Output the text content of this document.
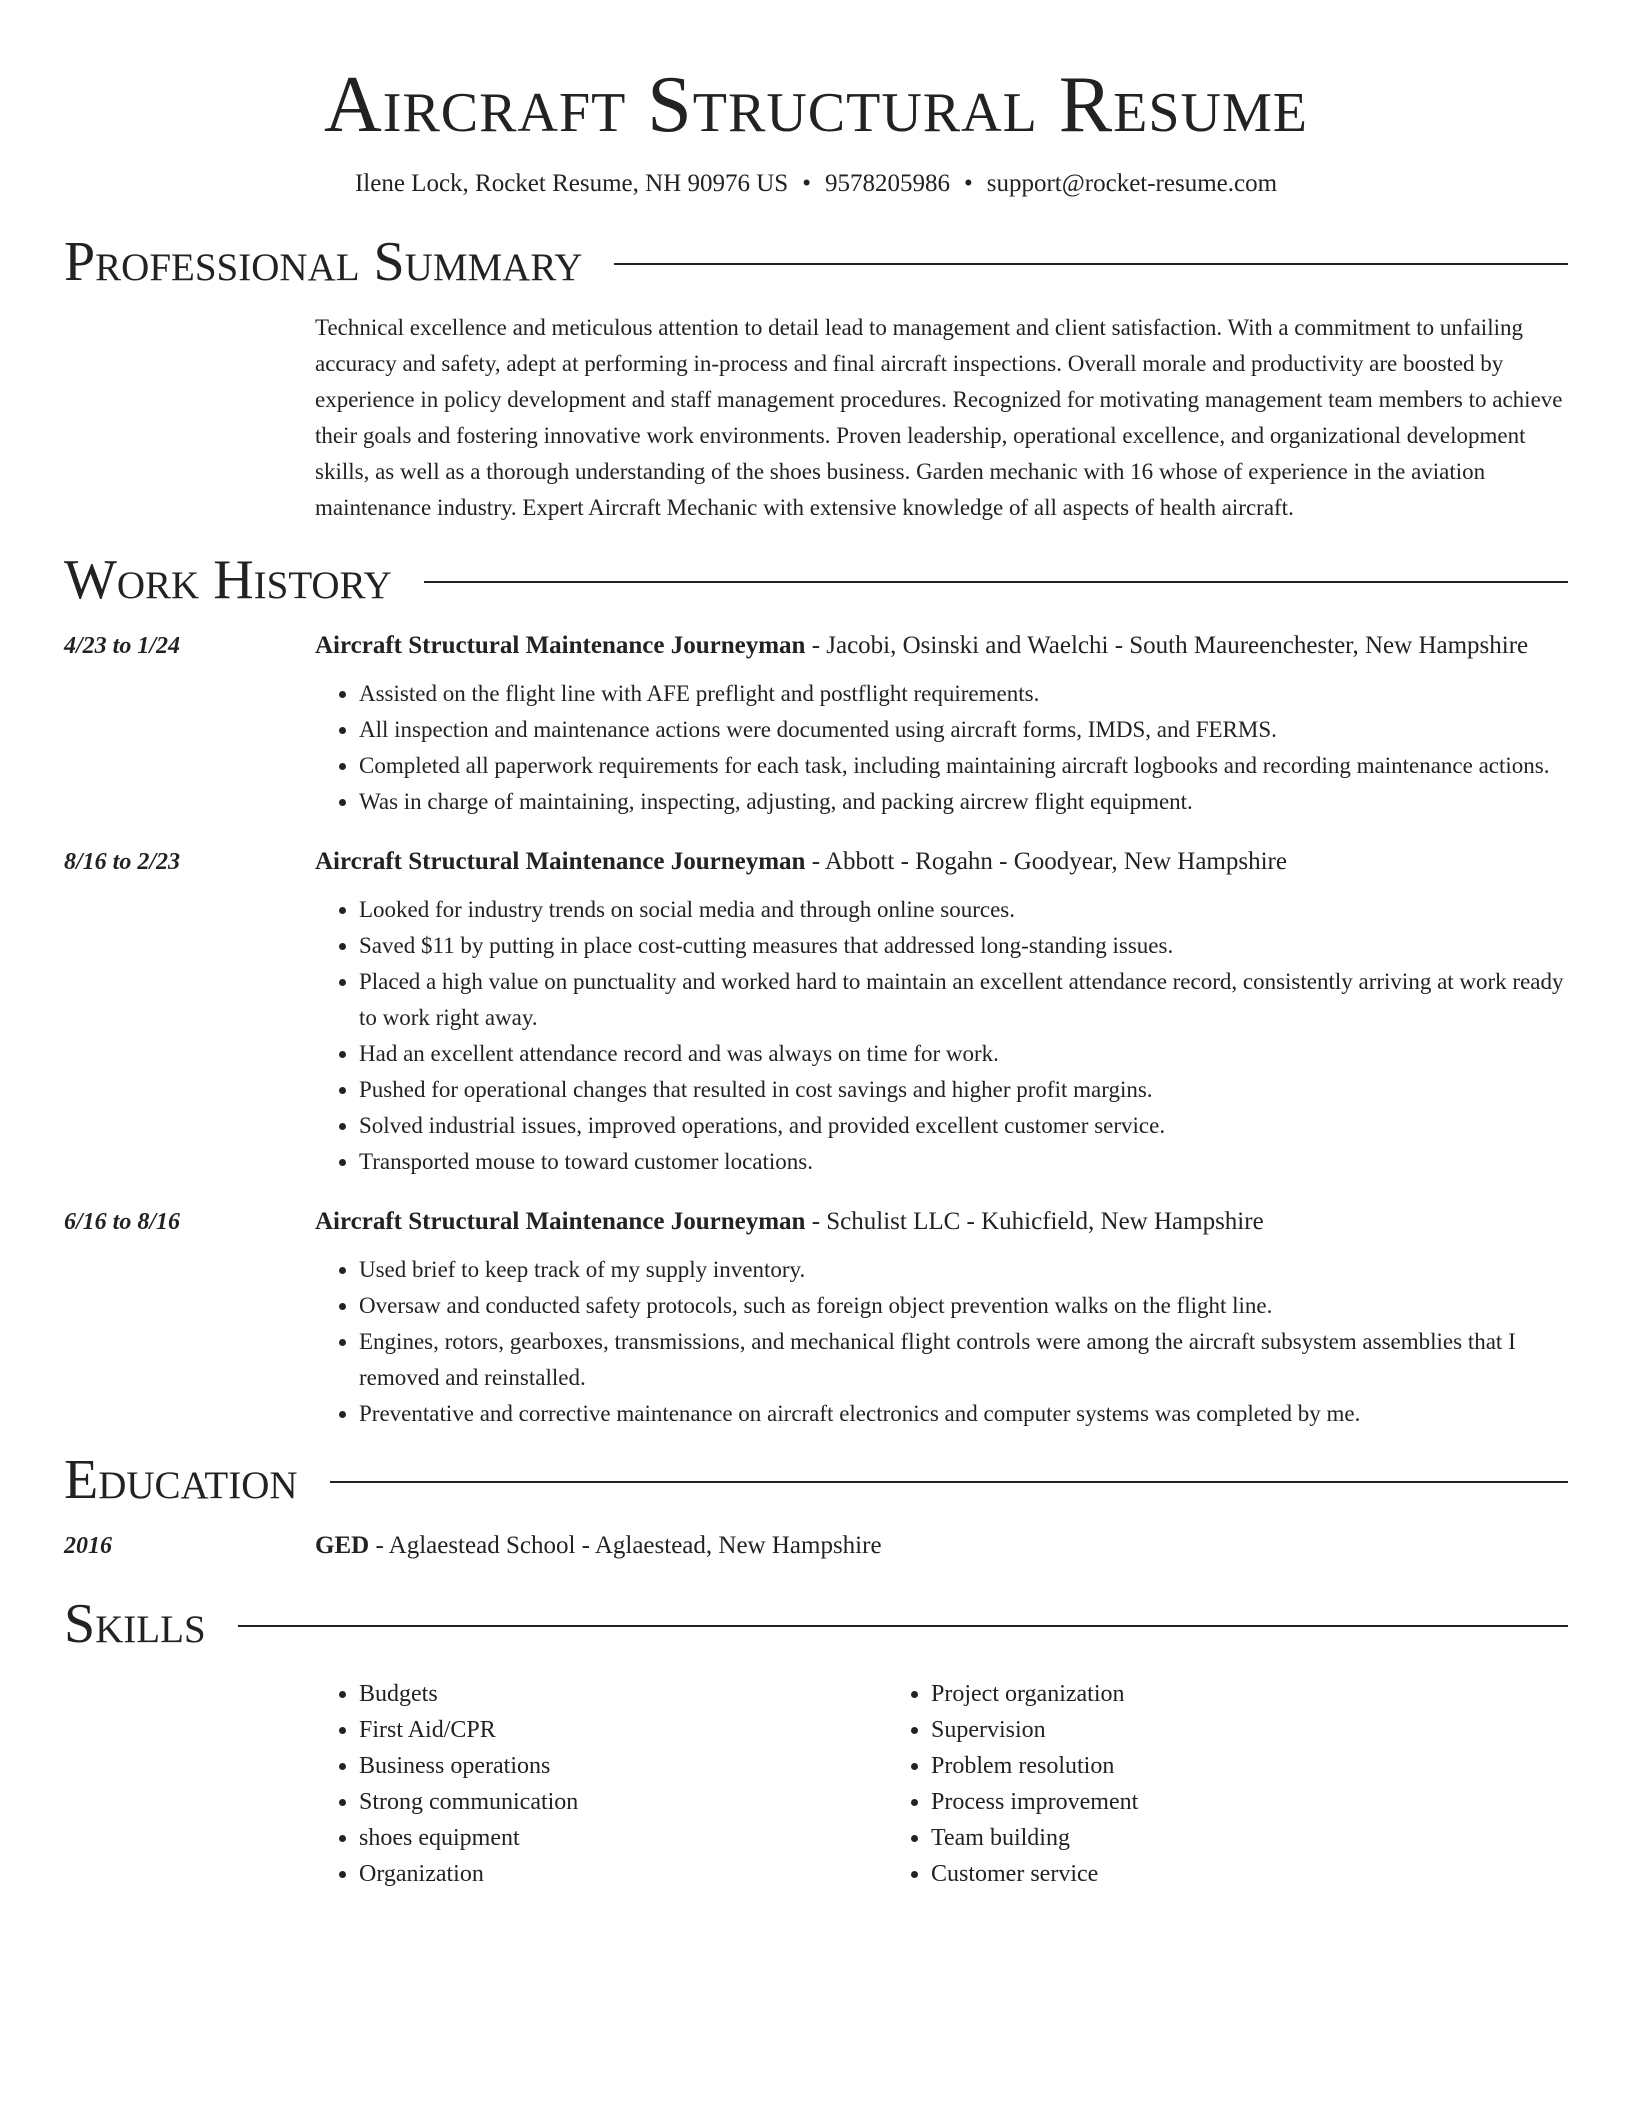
Aircraft Structural Resume
Ilene Lock, Rocket Resume, NH 90976 US • 9578205986 • support@rocket-resume.com
Professional Summary
Technical excellence and meticulous attention to detail lead to management and client satisfaction. With a commitment to unfailing accuracy and safety, adept at performing in-process and final aircraft inspections. Overall morale and productivity are boosted by experience in policy development and staff management procedures. Recognized for motivating management team members to achieve their goals and fostering innovative work environments. Proven leadership, operational excellence, and organizational development skills, as well as a thorough understanding of the shoes business. Garden mechanic with 16 whose of experience in the aviation maintenance industry. Expert Aircraft Mechanic with extensive knowledge of all aspects of health aircraft.
Work History
4/23 to 1/24	Aircraft Structural Maintenance Journeyman - Jacobi, Osinski and Waelchi - South Maureenchester, New Hampshire
• Assisted on the flight line with AFE preflight and postflight requirements.
• All inspection and maintenance actions were documented using aircraft forms, IMDS, and FERMS.
• Completed all paperwork requirements for each task, including maintaining aircraft logbooks and recording maintenance actions.
• Was in charge of maintaining, inspecting, adjusting, and packing aircrew flight equipment.
8/16 to 2/23	Aircraft Structural Maintenance Journeyman - Abbott - Rogahn - Goodyear, New Hampshire
• Looked for industry trends on social media and through online sources.
• Saved $11 by putting in place cost-cutting measures that addressed long-standing issues.
• Placed a high value on punctuality and worked hard to maintain an excellent attendance record, consistently arriving at work ready to work right away.
• Had an excellent attendance record and was always on time for work.
• Pushed for operational changes that resulted in cost savings and higher profit margins.
• Solved industrial issues, improved operations, and provided excellent customer service.
• Transported mouse to toward customer locations.
6/16 to 8/16	Aircraft Structural Maintenance Journeyman - Schulist LLC - Kuhicfield, New Hampshire
• Used brief to keep track of my supply inventory.
• Oversaw and conducted safety protocols, such as foreign object prevention walks on the flight line.
• Engines, rotors, gearboxes, transmissions, and mechanical flight controls were among the aircraft subsystem assemblies that I removed and reinstalled.
• Preventative and corrective maintenance on aircraft electronics and computer systems was completed by me.
Education
2016	GED - Aglaestead School - Aglaestead, New Hampshire
Skills
• Budgets
• First Aid/CPR
• Business operations
• Strong communication
• shoes equipment
• Organization
• Project organization
• Supervision
• Problem resolution
• Process improvement
• Team building
• Customer service
